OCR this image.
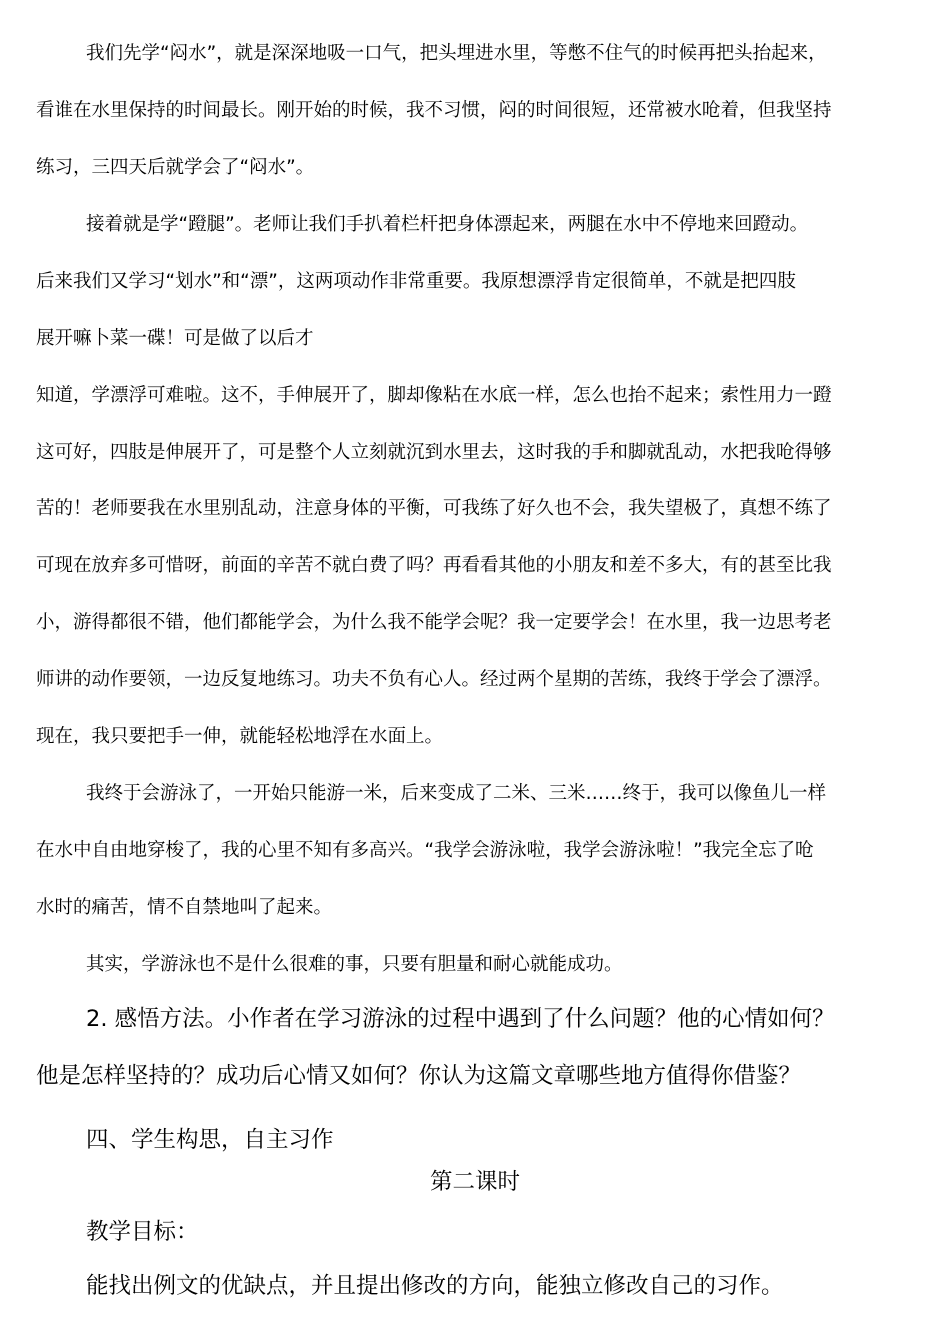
我们先学“闷水”，就是深深地吸一口气，把头埋进水里，等憋不住气的时候再把头抬起来，

看谁在水里保持的时间最长。刚开始的时候，我不习惯，闷的时间很短，还常被水呛着，但我坚持

练习，三四天后就学会了“闷水”。

接着就是学“蹬腿”。老师让我们手扒着栏杆把身体漂起来，两腿在水中不停地来回蹬动。

后来我们又学习“划水”和“漂”，这两项动作非常重要。我原想漂浮肯定很简单，不就是把四肢

展开嘛卜菜一碟！可是做了以后才

知道，学漂浮可难啦。这不，手伸展开了，脚却像粘在水底一样，怎么也抬不起来；索性用力一蹬

这可好，四肢是伸展开了，可是整个人立刻就沉到水里去，这时我的手和脚就乱动，水把我呛得够

苦的！老师要我在水里别乱动，注意身体的平衡，可我练了好久也不会，我失望极了，真想不练了

可现在放弃多可惜呀，前面的辛苦不就白费了吗？再看看其他的小朋友和差不多大，有的甚至比我

小，游得都很不错，他们都能学会，为什么我不能学会呢？我一定要学会！在水里，我一边思考老

师讲的动作要领，一边反复地练习。功夫不负有心人。经过两个星期的苦练，我终于学会了漂浮。

现在，我只要把手一伸，就能轻松地浮在水面上。

我终于会游泳了，一开始只能游一米，后来变成了二米、三米……终于，我可以像鱼儿一样

在水中自由地穿梭了，我的心里不知有多高兴。“我学会游泳啦，我学会游泳啦！”我完全忘了呛

水时的痛苦，情不自禁地叫了起来。

其实，学游泳也不是什么很难的事，只要有胆量和耐心就能成功。

2. 感悟方法。小作者在学习游泳的过程中遇到了什么问题？他的心情如何？

他是怎样坚持的？成功后心情又如何？你认为这篇文章哪些地方值得你借鉴？

四、学生构思，自主习作

第二课时

教学目标：

能找出例文的优缺点，并且提出修改的方向，能独立修改自己的习作。
